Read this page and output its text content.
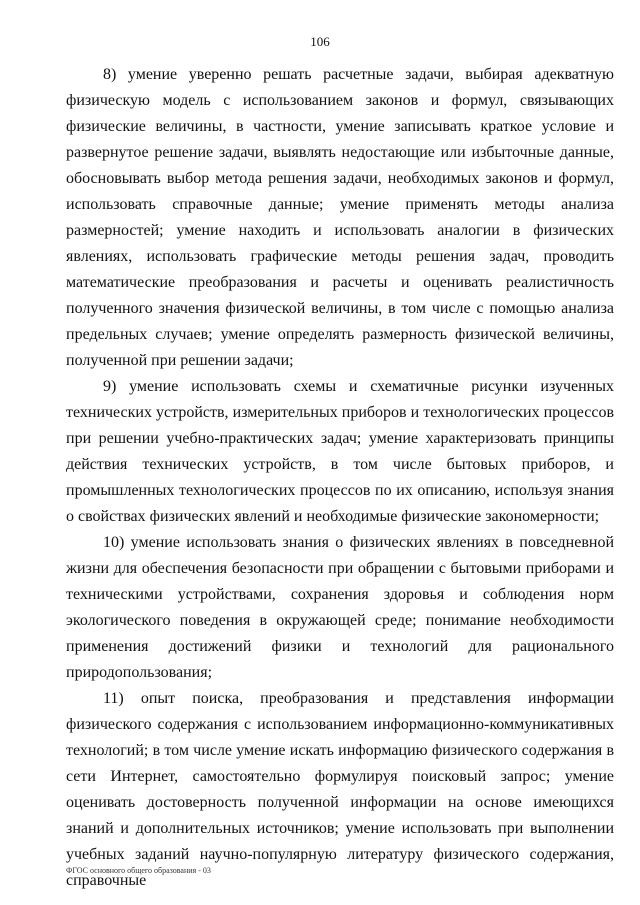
106

8) умение уверенно решать расчетные задачи, выбирая адекватную физическую модель с использованием законов и формул, связывающих физические величины, в частности, умение записывать краткое условие и развернутое решение задачи, выявлять недостающие или избыточные данные, обосновывать выбор метода решения задачи, необходимых законов и формул, использовать справочные данные; умение применять методы анализа размерностей; умение находить и использовать аналогии в физических явлениях, использовать графические методы решения задач, проводить математические преобразования и расчеты и оценивать реалистичность полученного значения физической величины, в том числе с помощью анализа предельных случаев; умение определять размерность физической величины, полученной при решении задачи;

9) умение использовать схемы и схематичные рисунки изученных технических устройств, измерительных приборов и технологических процессов при решении учебно-практических задач; умение характеризовать принципы действия технических устройств, в том числе бытовых приборов, и промышленных технологических процессов по их описанию, используя знания о свойствах физических явлений и необходимые физические закономерности;

10) умение использовать знания о физических явлениях в повседневной жизни для обеспечения безопасности при обращении с бытовыми приборами и техническими устройствами, сохранения здоровья и соблюдения норм экологического поведения в окружающей среде; понимание необходимости применения достижений физики и технологий для рационального природопользования;

11) опыт поиска, преобразования и представления информации физического содержания с использованием информационно-коммуникативных технологий; в том числе умение искать информацию физического содержания в сети Интернет, самостоятельно формулируя поисковый запрос; умение оценивать достоверность полученной информации на основе имеющихся знаний и дополнительных источников; умение использовать при выполнении учебных заданий научно-популярную литературу физического содержания, справочные

ФГОС основного общего образования - 03
